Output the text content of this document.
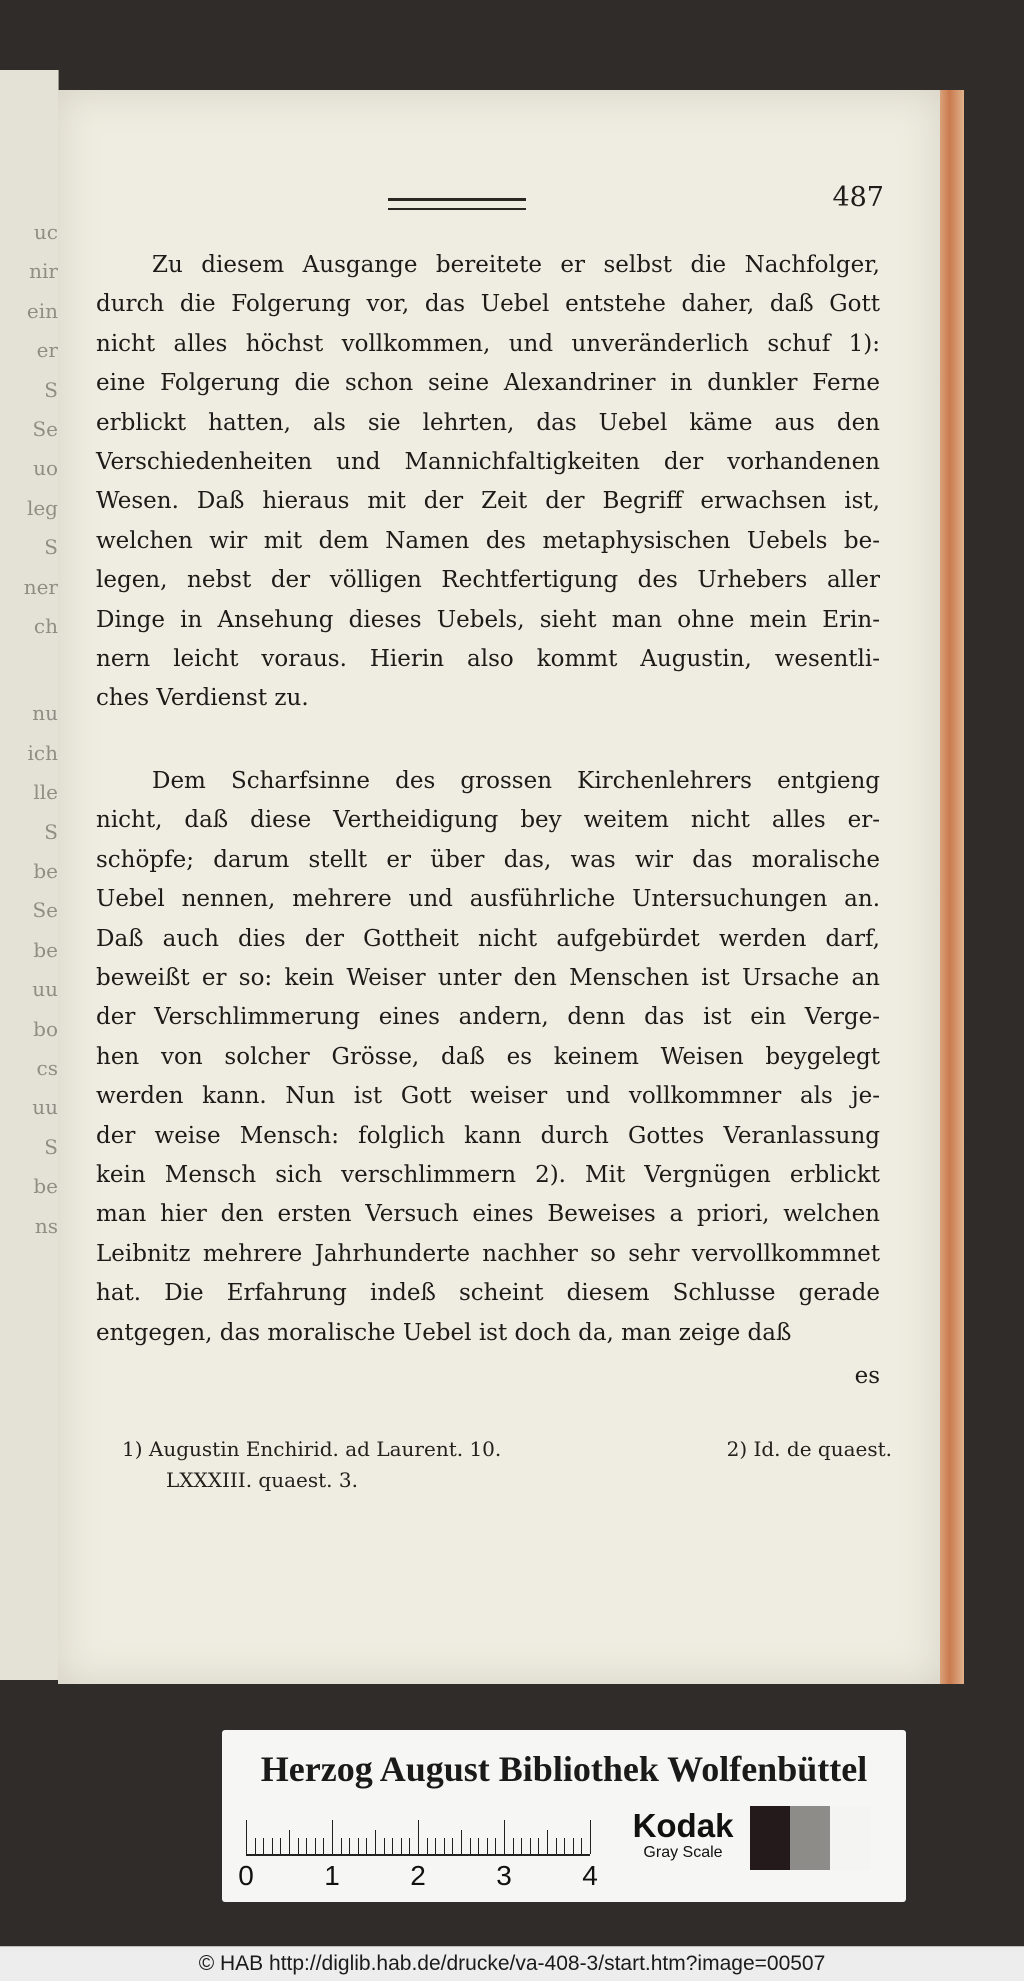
uc
nir
ein
er
S
Se
uo
leg
S
ner
ch
nu
ich
lle
S
be
Se
be
uu
bo
cs
uu
S
be
ns
487
Zu diesem Ausgange bereitete er selbst die Nachfolger,
durch die Folgerung vor, das Uebel entstehe daher, daß Gott
nicht alles höchst vollkommen, und unveränderlich schuf 1):
eine Folgerung die schon seine Alexandriner in dunkler Ferne
erblickt hatten, als sie lehrten, das Uebel käme aus den
Verschiedenheiten und Mannichfaltigkeiten der vorhandenen
Wesen. Daß hieraus mit der Zeit der Begriff erwachsen ist,
welchen wir mit dem Namen des metaphysischen Uebels be-
legen, nebst der völligen Rechtfertigung des Urhebers aller
Dinge in Ansehung dieses Uebels, sieht man ohne mein Erin-
nern leicht voraus. Hierin also kommt Augustin, wesentli-
ches Verdienst zu.
Dem Scharfsinne des grossen Kirchenlehrers entgieng
nicht, daß diese Vertheidigung bey weitem nicht alles er-
schöpfe; darum stellt er über das, was wir das moralische
Uebel nennen, mehrere und ausführliche Untersuchungen an.
Daß auch dies der Gottheit nicht aufgebürdet werden darf,
beweißt er so: kein Weiser unter den Menschen ist Ursache an
der Verschlimmerung eines andern, denn das ist ein Verge-
hen von solcher Grösse, daß es keinem Weisen beygelegt
werden kann. Nun ist Gott weiser und vollkommner als je-
der weise Mensch: folglich kann durch Gottes Veranlassung
kein Mensch sich verschlimmern 2). Mit Vergnügen erblickt
man hier den ersten Versuch eines Beweises a priori, welchen
Leibnitz mehrere Jahrhunderte nachher so sehr vervollkommnet
hat. Die Erfahrung indeß scheint diesem Schlusse gerade
entgegen, das moralische Uebel ist doch da, man zeige daß
es
1) Augustin Enchirid. ad Laurent. 10.	2) Id. de quaest.
LXXXIII. quaest. 3.
Herzog August Bibliothek Wolfenbüttel
0	1	2	3	4
Kodak
Gray Scale
© HAB http://diglib.hab.de/drucke/va-408-3/start.htm?image=00507
